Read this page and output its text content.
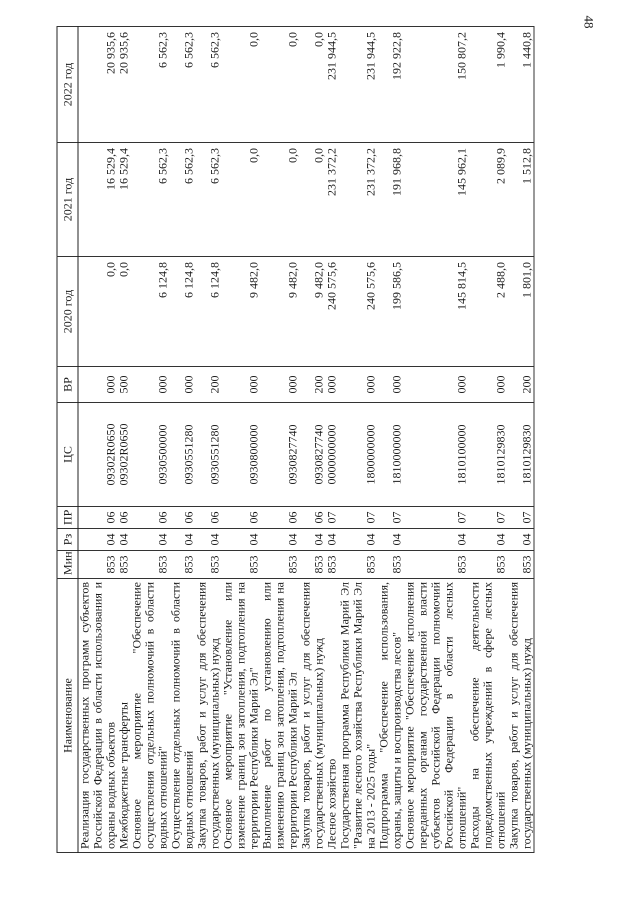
48
Наименование	Мин	Рз	ПР	ЦС	ВР	2020 год	2021 год	2022 год
Реализация государственных программ субъектов Российской Федерации в области использования и охраны водных объектов	853	04	06	09302R0650	000	0,0	16 529,4	20 935,6
Межбюджетные трансферты	853	04	06	09302R0650	500	0,0	16 529,4	20 935,6
Основное мероприятие "Обеспечение осуществления отдельных полномочий в области водных отношений"	853	04	06	0930500000	000	6 124,8	6 562,3	6 562,3
Осуществление отдельных полномочий в области водных отношений	853	04	06	0930551280	000	6 124,8	6 562,3	6 562,3
Закупка товаров, работ и услуг для обеспечения государственных (муниципальных) нужд	853	04	06	0930551280	200	6 124,8	6 562,3	6 562,3
Основное мероприятие "Установление или изменение границ зон затопления, подтопления на территории Республики Марий Эл"	853	04	06	0930800000	000	9 482,0	0,0	0,0
Выполнение работ по установлению или изменению границ зон затопления, подтопления на территории Республики Марий Эл	853	04	06	0930827740	000	9 482,0	0,0	0,0
Закупка товаров, работ и услуг для обеспечения государственных (муниципальных) нужд	853	04	06	0930827740	200	9 482,0	0,0	0,0
Лесное хозяйство	853	04	07	0000000000	000	240 575,6	231 372,2	231 944,5
Государственная программа Республики Марий Эл "Развитие лесного хозяйства Республики Марий Эл на 2013 - 2025 годы"	853	04	07	1800000000	000	240 575,6	231 372,2	231 944,5
Подпрограмма "Обеспечение использования, охраны, защиты и воспроизводства лесов"	853	04	07	1810000000	000	199 586,5	191 968,8	192 922,8
Основное мероприятие "Обеспечение исполнения переданных органам государственной власти субъектов Российской Федерации полномочий Российской Федерации в области лесных отношений"	853	04	07	1810100000	000	145 814,5	145 962,1	150 807,2
Расходы на обеспечение деятельности подведомственных учреждений в сфере лесных отношений	853	04	07	1810129830	000	2 488,0	2 089,9	1 990,4
Закупка товаров, работ и услуг для обеспечения государственных (муниципальных) нужд	853	04	07	1810129830	200	1 801,0	1 512,8	1 440,8
